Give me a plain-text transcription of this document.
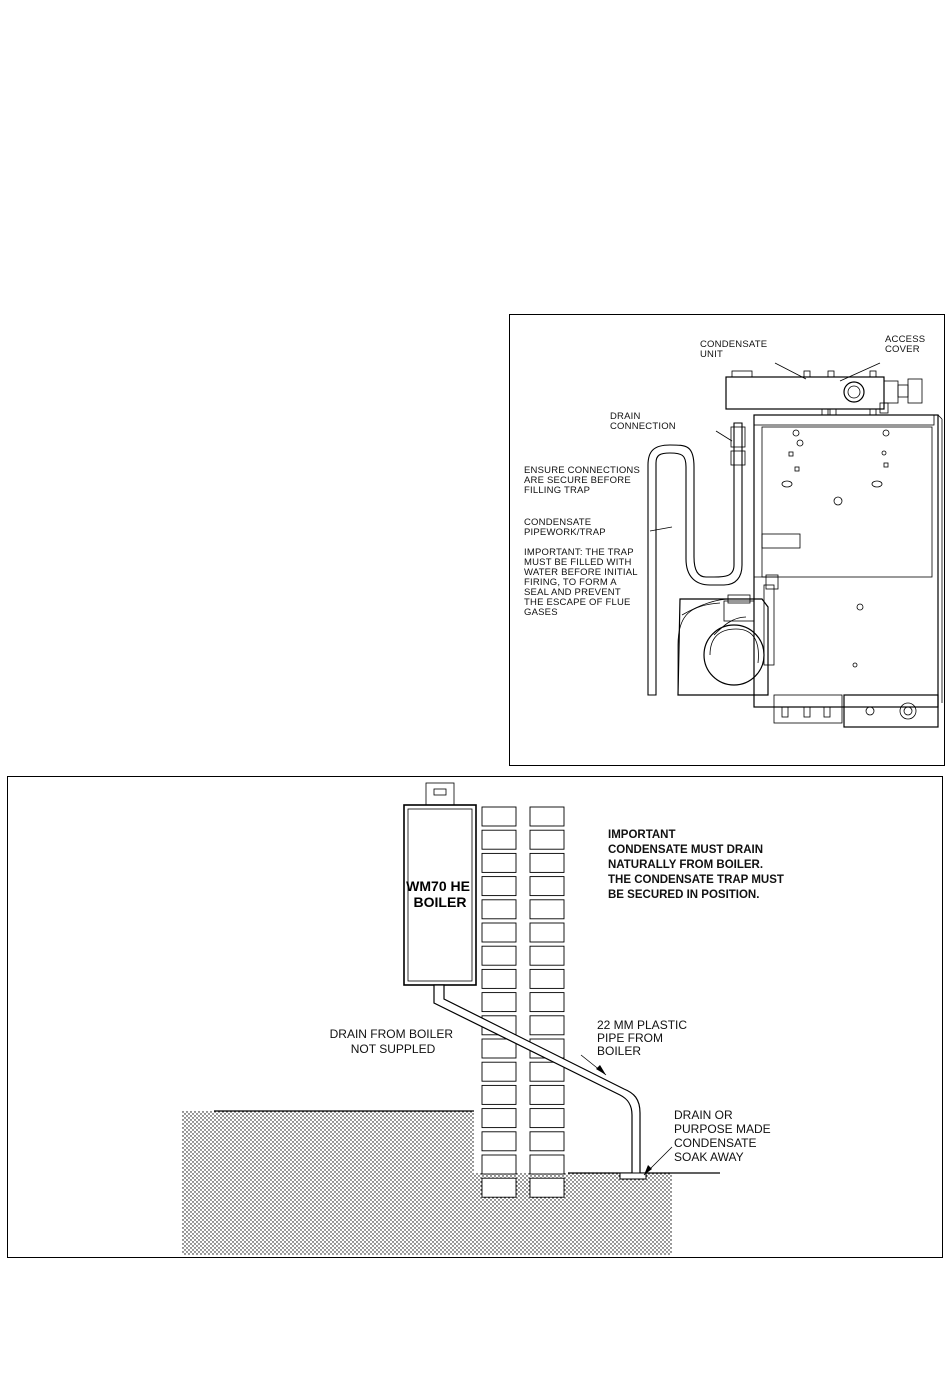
CONDENSATE UNIT
ACCESS COVER
DRAIN CONNECTION
ENSURE CONNECTIONS ARE SECURE BEFORE FILLING TRAP
CONDENSATE PIPEWORK/TRAP
IMPORTANT: THE TRAP MUST BE FILLED WITH WATER BEFORE INITIAL FIRING, TO FORM A SEAL AND PREVENT THE ESCAPE OF FLUE GASES
WM70 HE BOILER
DRAIN FROM BOILER NOT SUPPLED
22 MM PLASTIC PIPE FROM BOILER
DRAIN OR PURPOSE MADE CONDENSATE SOAK AWAY
IMPORTANT CONDENSATE MUST DRAIN NATURALLY FROM BOILER. THE CONDENSATE TRAP MUST BE SECURED IN POSITION.
